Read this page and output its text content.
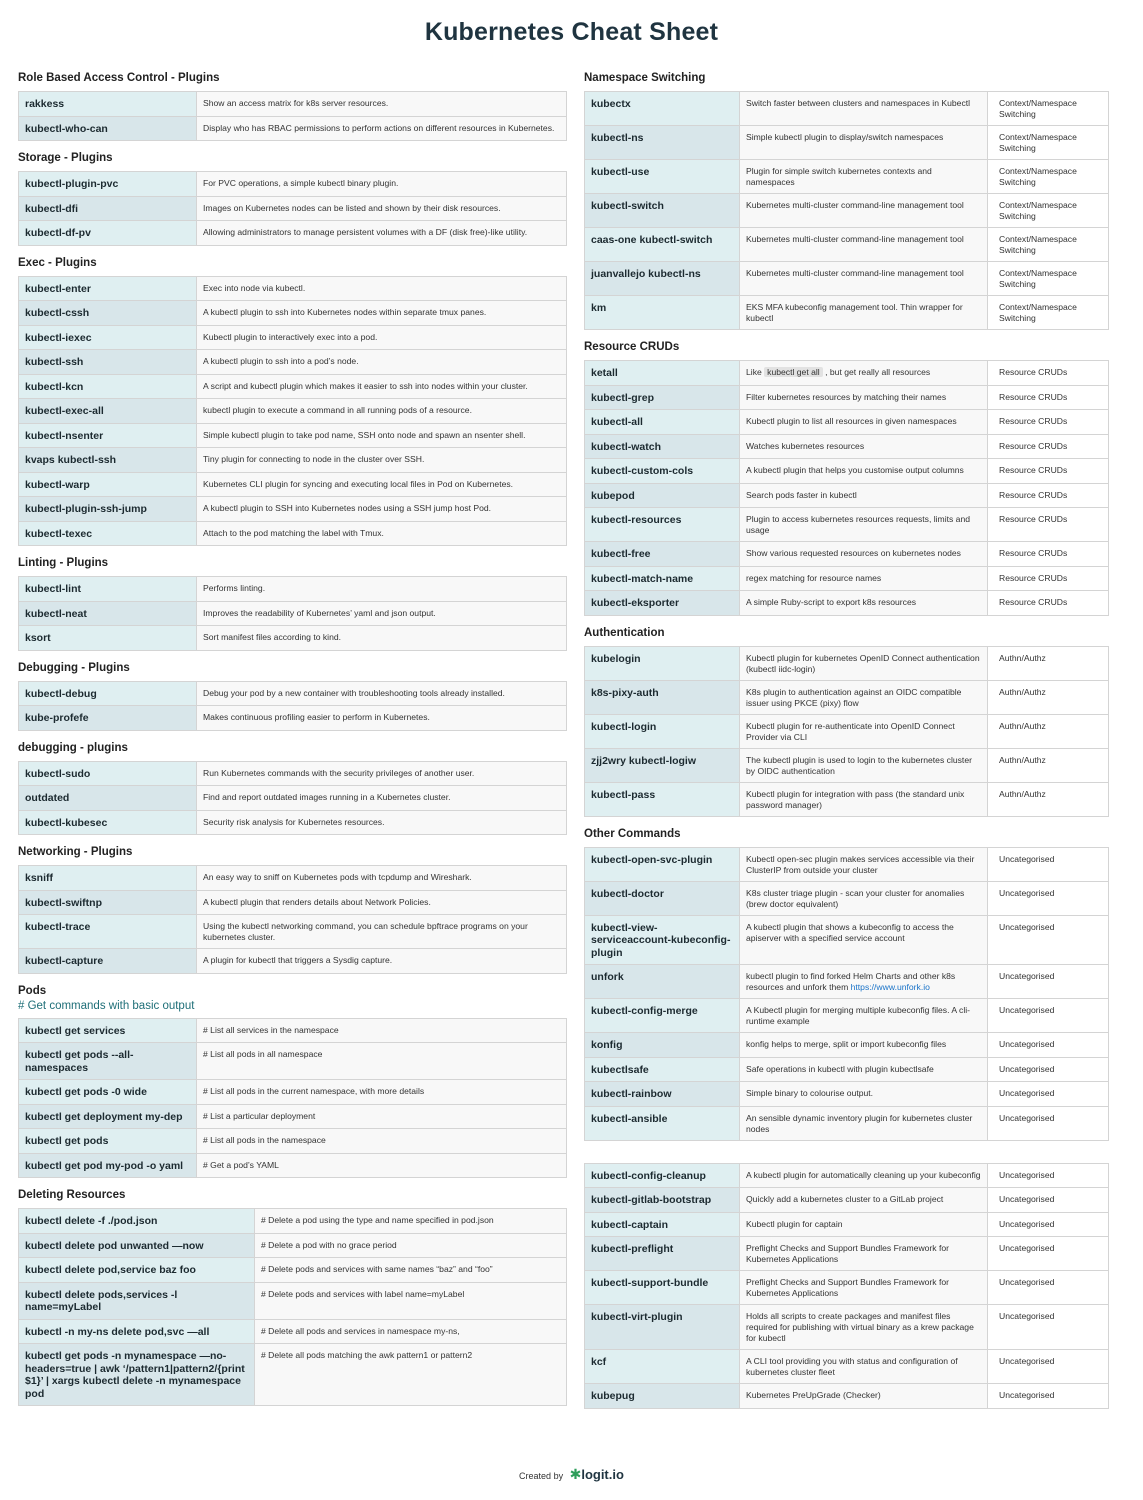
Kubernetes Cheat Sheet
Role Based Access Control - Plugins
rakkess	Show an access matrix for k8s server resources.
kubectl-who-can	Display who has RBAC permissions to perform actions on different resources in Kubernetes.
Storage - Plugins
kubectl-plugin-pvc	For PVC operations, a simple kubectl binary plugin.
kubectl-dfi	Images on Kubernetes nodes can be listed and shown by their disk resources.
kubectl-df-pv	Allowing administrators to manage persistent volumes with a DF (disk free)-like utility.
Exec - Plugins
kubectl-enter	Exec into node via kubectl.
kubectl-cssh	A kubectl plugin to ssh into Kubernetes nodes within separate tmux panes.
kubectl-iexec	Kubectl plugin to interactively exec into a pod.
kubectl-ssh	A kubectl plugin to ssh into a pod’s node.
kubectl-kcn	A script and kubectl plugin which makes it easier to ssh into nodes within your cluster.
kubectl-exec-all	kubectl plugin to execute a command in all running pods of a resource.
kubectl-nsenter	Simple kubectl plugin to take pod name, SSH onto node and spawn an nsenter shell.
kvaps kubectl-ssh	Tiny plugin for connecting to node in the cluster over SSH.
kubectl-warp	Kubernetes CLI plugin for syncing and executing local files in Pod on Kubernetes.
kubectl-plugin-ssh-jump	A kubectl plugin to SSH into Kubernetes nodes using a SSH jump host Pod.
kubectl-texec	Attach to the pod matching the label with Tmux.
Linting - Plugins
kubectl-lint	Performs linting.
kubectl-neat	Improves the readability of Kubernetes’ yaml and json output.
ksort	Sort manifest files according to kind.
Debugging - Plugins
kubectl-debug	Debug your pod by a new container with troubleshooting tools already installed.
kube-profefe	Makes continuous profiling easier to perform in Kubernetes.
debugging - plugins
kubectl-sudo	Run Kubernetes commands with the security privileges of another user.
outdated	Find and report outdated images running in a Kubernetes cluster.
kubectl-kubesec	Security risk analysis for Kubernetes resources.
Networking - Plugins
ksniff	An easy way to sniff on Kubernetes pods with tcpdump and Wireshark.
kubectl-swiftnp	A kubectl plugin that renders details about Network Policies.
kubectl-trace	Using the kubectl networking command, you can schedule bpftrace programs on your kubernetes cluster.
kubectl-capture	A plugin for kubectl that triggers a Sysdig capture.
Pods
# Get commands with basic output
kubectl get services	# List all services in the namespace
kubectl get pods --all-namespaces	# List all pods in all namespace
kubectl get pods -0 wide	# List all pods in the current namespace, with more details
kubectl get deployment my-dep	# List a particular deployment
kubectl get pods	# List all pods in the namespace
kubectl get pod my-pod -o yaml	# Get a pod’s YAML
Deleting Resources
kubectl delete -f ./pod.json	# Delete a pod using the type and name specified in pod.json
kubectl delete pod unwanted —now	# Delete a pod with no grace period
kubectl delete pod,service baz foo	# Delete pods and services with same names “baz” and “foo”
kubectl delete pods,services -l name=myLabel	# Delete pods and services with label name=myLabel
kubectl -n my-ns delete pod,svc —all	# Delete all pods and services in namespace my-ns,
kubectl get pods -n mynamespace —no-headers=true | awk ‘/pattern1|pattern2/{print $1}’ | xargs kubectl delete -n mynamespace pod	# Delete all pods matching the awk pattern1 or pattern2
Namespace Switching
kubectx	Switch faster between clusters and namespaces in Kubectl	Context/Namespace Switching
kubectl-ns	Simple kubectl plugin to display/switch namespaces	Context/Namespace Switching
kubectl-use	Plugin for simple switch kubernetes contexts and namespaces	Context/Namespace Switching
kubectl-switch	Kubernetes multi-cluster command-line management tool	Context/Namespace Switching
caas-one kubectl-switch	Kubernetes multi-cluster command-line management tool	Context/Namespace Switching
juanvallejo kubectl-ns	Kubernetes multi-cluster command-line management tool	Context/Namespace Switching
km	EKS MFA kubeconfig management tool. Thin wrapper for kubectl	Context/Namespace Switching
Resource CRUDs
ketall	Like kubectl get all , but get really all resources	Resource CRUDs
kubectl-grep	Filter kubernetes resources by matching their names	Resource CRUDs
kubectl-all	Kubectl plugin to list all resources in given namespaces	Resource CRUDs
kubectl-watch	Watches kubernetes resources	Resource CRUDs
kubectl-custom-cols	A kubectl plugin that helps you customise output columns	Resource CRUDs
kubepod	Search pods faster in kubectl	Resource CRUDs
kubectl-resources	Plugin to access kubernetes resources requests, limits and usage	Resource CRUDs
kubectl-free	Show various requested resources on kubernetes nodes	Resource CRUDs
kubectl-match-name	regex matching for resource names	Resource CRUDs
kubectl-eksporter	A simple Ruby-script to export k8s resources	Resource CRUDs
Authentication
kubelogin	Kubectl plugin for kubernetes OpenID Connect authentication (kubectl iidc-login)	Authn/Authz
k8s-pixy-auth	K8s plugin to authentication against an OIDC compatible issuer using PKCE (pixy) flow	Authn/Authz
kubectl-login	Kubectl plugin for re-authenticate into OpenID Connect Provider via CLI	Authn/Authz
zjj2wry kubectl-logiw	The kubectl plugin is used to login to the kubernetes cluster by OIDC authentication	Authn/Authz
kubectl-pass	Kubectl plugin for integration with pass (the standard unix password manager)	Authn/Authz
Other Commands
kubectl-open-svc-plugin	Kubectl open-sec plugin makes services accessible via their ClusterIP from outside your cluster	Uncategorised
kubectl-doctor	K8s cluster triage plugin - scan your cluster for anomalies (brew doctor equivalent)	Uncategorised
kubectl-view-serviceaccount-kubeconfig-plugin	A kubectl plugin that shows a kubeconfig to access the apiserver with a specified service account	Uncategorised
unfork	kubectl plugin to find forked Helm Charts and other k8s resources and unfork them https://www.unfork.io	Uncategorised
kubectl-config-merge	A Kubectl plugin for merging multiple kubeconfig files. A cli-runtime example	Uncategorised
konfig	konfig helps to merge, split or import kubeconfig files	Uncategorised
kubectlsafe	Safe operations in kubectl with plugin kubectlsafe	Uncategorised
kubectl-rainbow	Simple binary to colourise output.	Uncategorised
kubectl-ansible	An sensible dynamic inventory plugin for kubernetes cluster nodes	Uncategorised
kubectl-config-cleanup	A kubectl plugin for automatically cleaning up your kubeconfig	Uncategorised
kubectl-gitlab-bootstrap	Quickly add a kubernetes cluster to a GitLab project	Uncategorised
kubectl-captain	Kubectl plugin for captain	Uncategorised
kubectl-preflight	Preflight Checks and Support Bundles Framework for Kubernetes Applications	Uncategorised
kubectl-support-bundle	Preflight Checks and Support Bundles Framework for Kubernetes Applications	Uncategorised
kubectl-virt-plugin	Holds all scripts to create packages and manifest files required for publishing with virtual binary as a krew package for kubectl	Uncategorised
kcf	A CLI tool providing you with status and configuration of kubernetes cluster fleet	Uncategorised
kubepug	Kubernetes PreUpGrade (Checker)	Uncategorised
Created by ✱logit.io
